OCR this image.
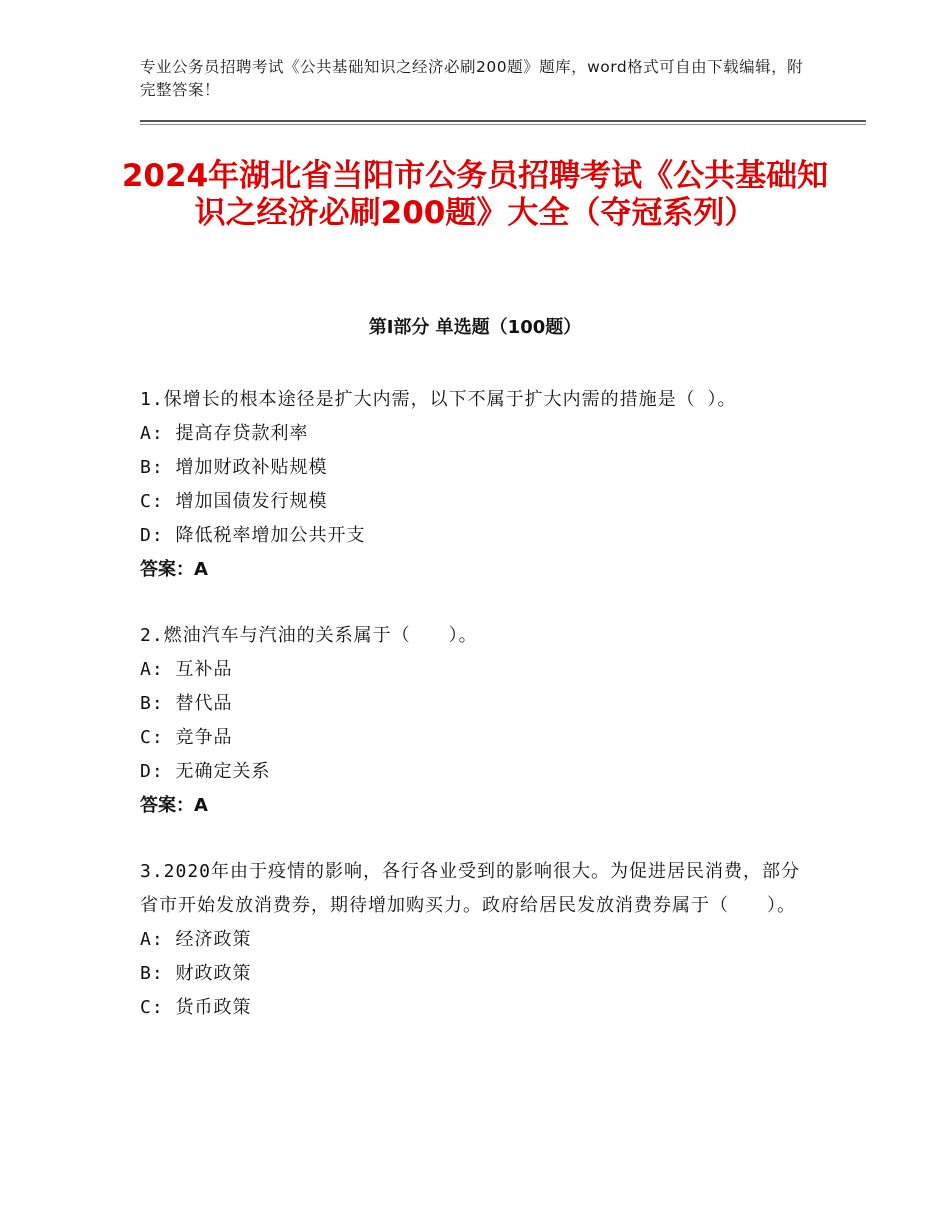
专业公务员招聘考试《公共基础知识之经济必刷200题》题库，word格式可自由下载编辑，附完整答案！
2024年湖北省当阳市公务员招聘考试《公共基础知识之经济必刷200题》大全（夺冠系列）
第I部分 单选题（100题）
1.保增长的根本途径是扩大内需，以下不属于扩大内需的措施是（ ）。
A: 提高存贷款利率
B: 增加财政补贴规模
C: 增加国债发行规模
D: 降低税率增加公共开支
答案：A
2.燃油汽车与汽油的关系属于（　　）。
A: 互补品
B: 替代品
C: 竞争品
D: 无确定关系
答案：A
3.2020年由于疫情的影响，各行各业受到的影响很大。为促进居民消费，部分省市开始发放消费券，期待增加购买力。政府给居民发放消费券属于（　　）。
A: 经济政策
B: 财政政策
C: 货币政策
